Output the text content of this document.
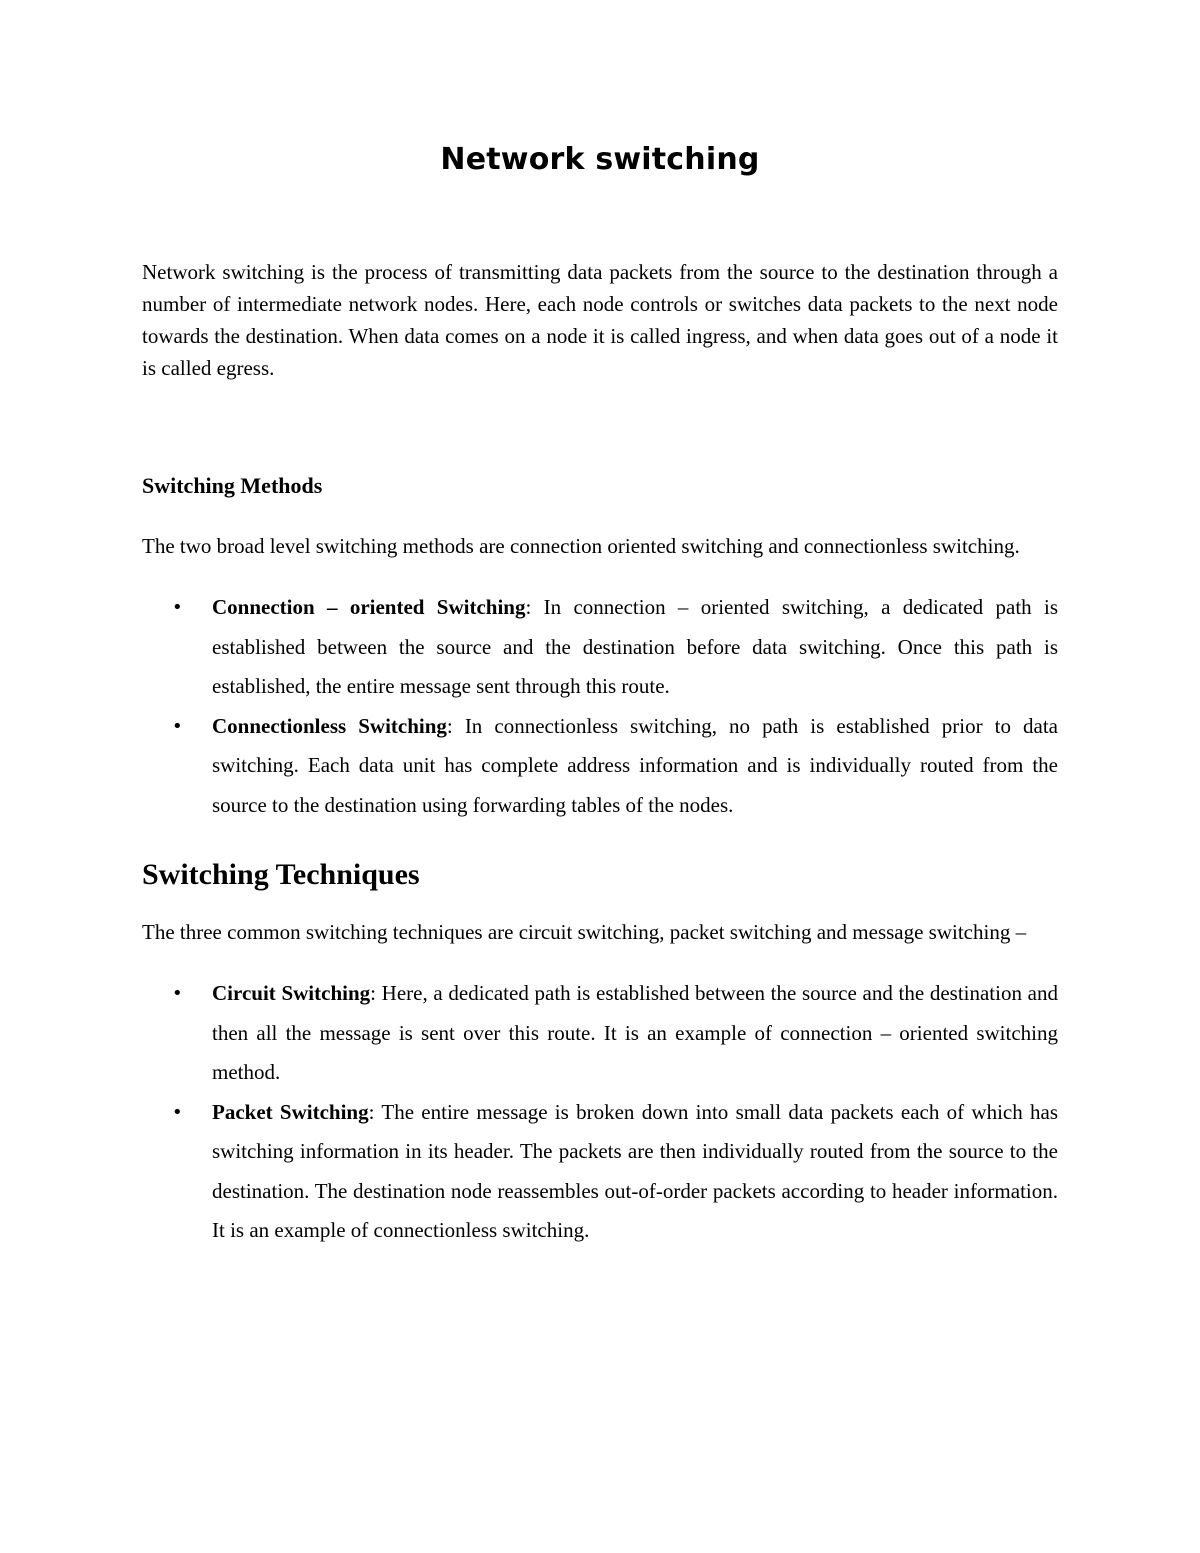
Network switching

Network switching is the process of transmitting data packets from the source to the destination through a number of intermediate network nodes. Here, each node controls or switches data packets to the next node towards the destination. When data comes on a node it is called ingress, and when data goes out of a node it is called egress.

Switching Methods

The two broad level switching methods are connection oriented switching and connectionless switching.

• Connection – oriented Switching: In connection – oriented switching, a dedicated path is established between the source and the destination before data switching. Once this path is established, the entire message sent through this route.
• Connectionless Switching: In connectionless switching, no path is established prior to data switching. Each data unit has complete address information and is individually routed from the source to the destination using forwarding tables of the nodes.
Switching Techniques

The three common switching techniques are circuit switching, packet switching and message switching –

• Circuit Switching: Here, a dedicated path is established between the source and the destination and then all the message is sent over this route. It is an example of connection – oriented switching method.
• Packet Switching: The entire message is broken down into small data packets each of which has switching information in its header. The packets are then individually routed from the source to the destination. The destination node reassembles out-of-order packets according to header information. It is an example of connectionless switching.
